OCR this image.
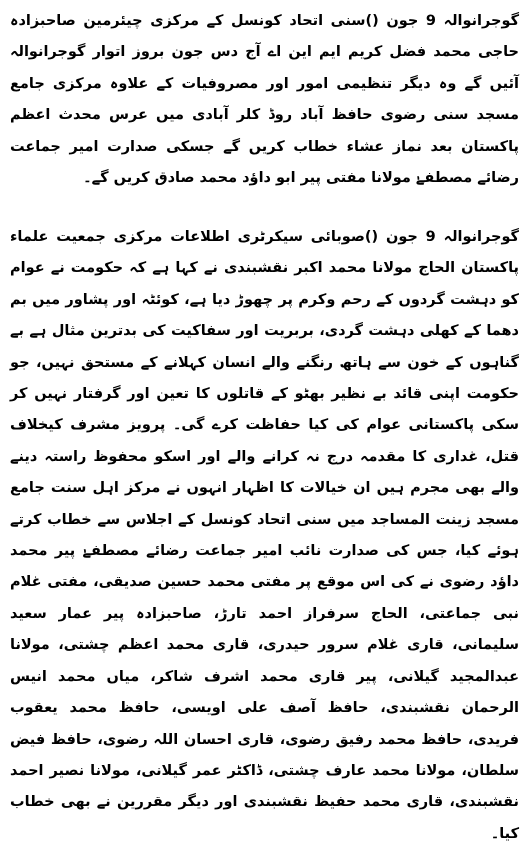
گوجرانوالہ 9 جون ()سنی اتحاد کونسل کے مرکزی چیئرمین صاحبزادہ حاجی محمد فضل کریم ایم این اے آج دس جون بروز اتوار گوجرانوالہ آئیں گے وہ دیگر تنظیمی امور اور مصروفیات کے علاوہ مرکزی جامع مسجد سنی رضوی حافظ آباد روڈ کلر آبادی میں عرس محدث اعظم پاکستان بعد نماز عشاء خطاب کریں گے جسکی صدارت امیر جماعت رضائے مصطفےٰ مولانا مفتی پیر ابو داؤد محمد صادق کریں گے۔

گوجرانوالہ 9 جون ()صوبائی سیکرٹری اطلاعات مرکزی جمعیت علماء پاکستان الحاج مولانا محمد اکبر نقشبندی نے کہا ہے کہ حکومت نے عوام کو دہشت گردوں کے رحم وکرم پر چھوڑ دیا ہے، کوئٹہ اور پشاور میں بم دھما کے کھلی دہشت گردی، بربریت اور سفاکیت کی بدترین مثال ہے بے گناہوں کے خون سے ہاتھ رنگنے والے انسان کہلانے کے مستحق نہیں، جو حکومت اپنی قائد بے نظیر بھٹو کے قاتلوں کا تعین اور گرفتار نہیں کر سکی پاکستانی عوام کی کیا حفاظت کرے گی۔ پرویز مشرف کیخلاف قتل، غداری کا مقدمہ درج نہ کرانے والے اور اسکو محفوظ راستہ دینے والے بھی مجرم ہیں ان خیالات کا اظہار انہوں نے مرکز اہل سنت جامع مسجد زینت المساجد میں سنی اتحاد کونسل کے اجلاس سے خطاب کرتے ہوئے کیا، جس کی صدارت نائب امیر جماعت رضائے مصطفےٰ پیر محمد داؤد رضوی نے کی اس موقع پر مفتی محمد حسین صدیقی، مفتی غلام نبی جماعتی، الحاج سرفراز احمد تارڑ، صاحبزادہ پیر عمار سعید سلیمانی، قاری غلام سرور حیدری، قاری محمد اعظم چشتی، مولانا عبدالمجید گیلانی، پیر قاری محمد اشرف شاکر، میاں محمد انیس الرحمان نقشبندی، حافظ آصف علی اویسی، حافظ محمد یعقوب فریدی، حافظ محمد رفیق رضوی، قاری احسان اللہ رضوی، حافظ فیض سلطان، مولانا محمد عارف چشتی، ڈاکٹر عمر گیلانی، مولانا نصیر احمد نقشبندی، قاری محمد حفیظ نقشبندی اور دیگر مقررین نے بھی خطاب کیا۔
